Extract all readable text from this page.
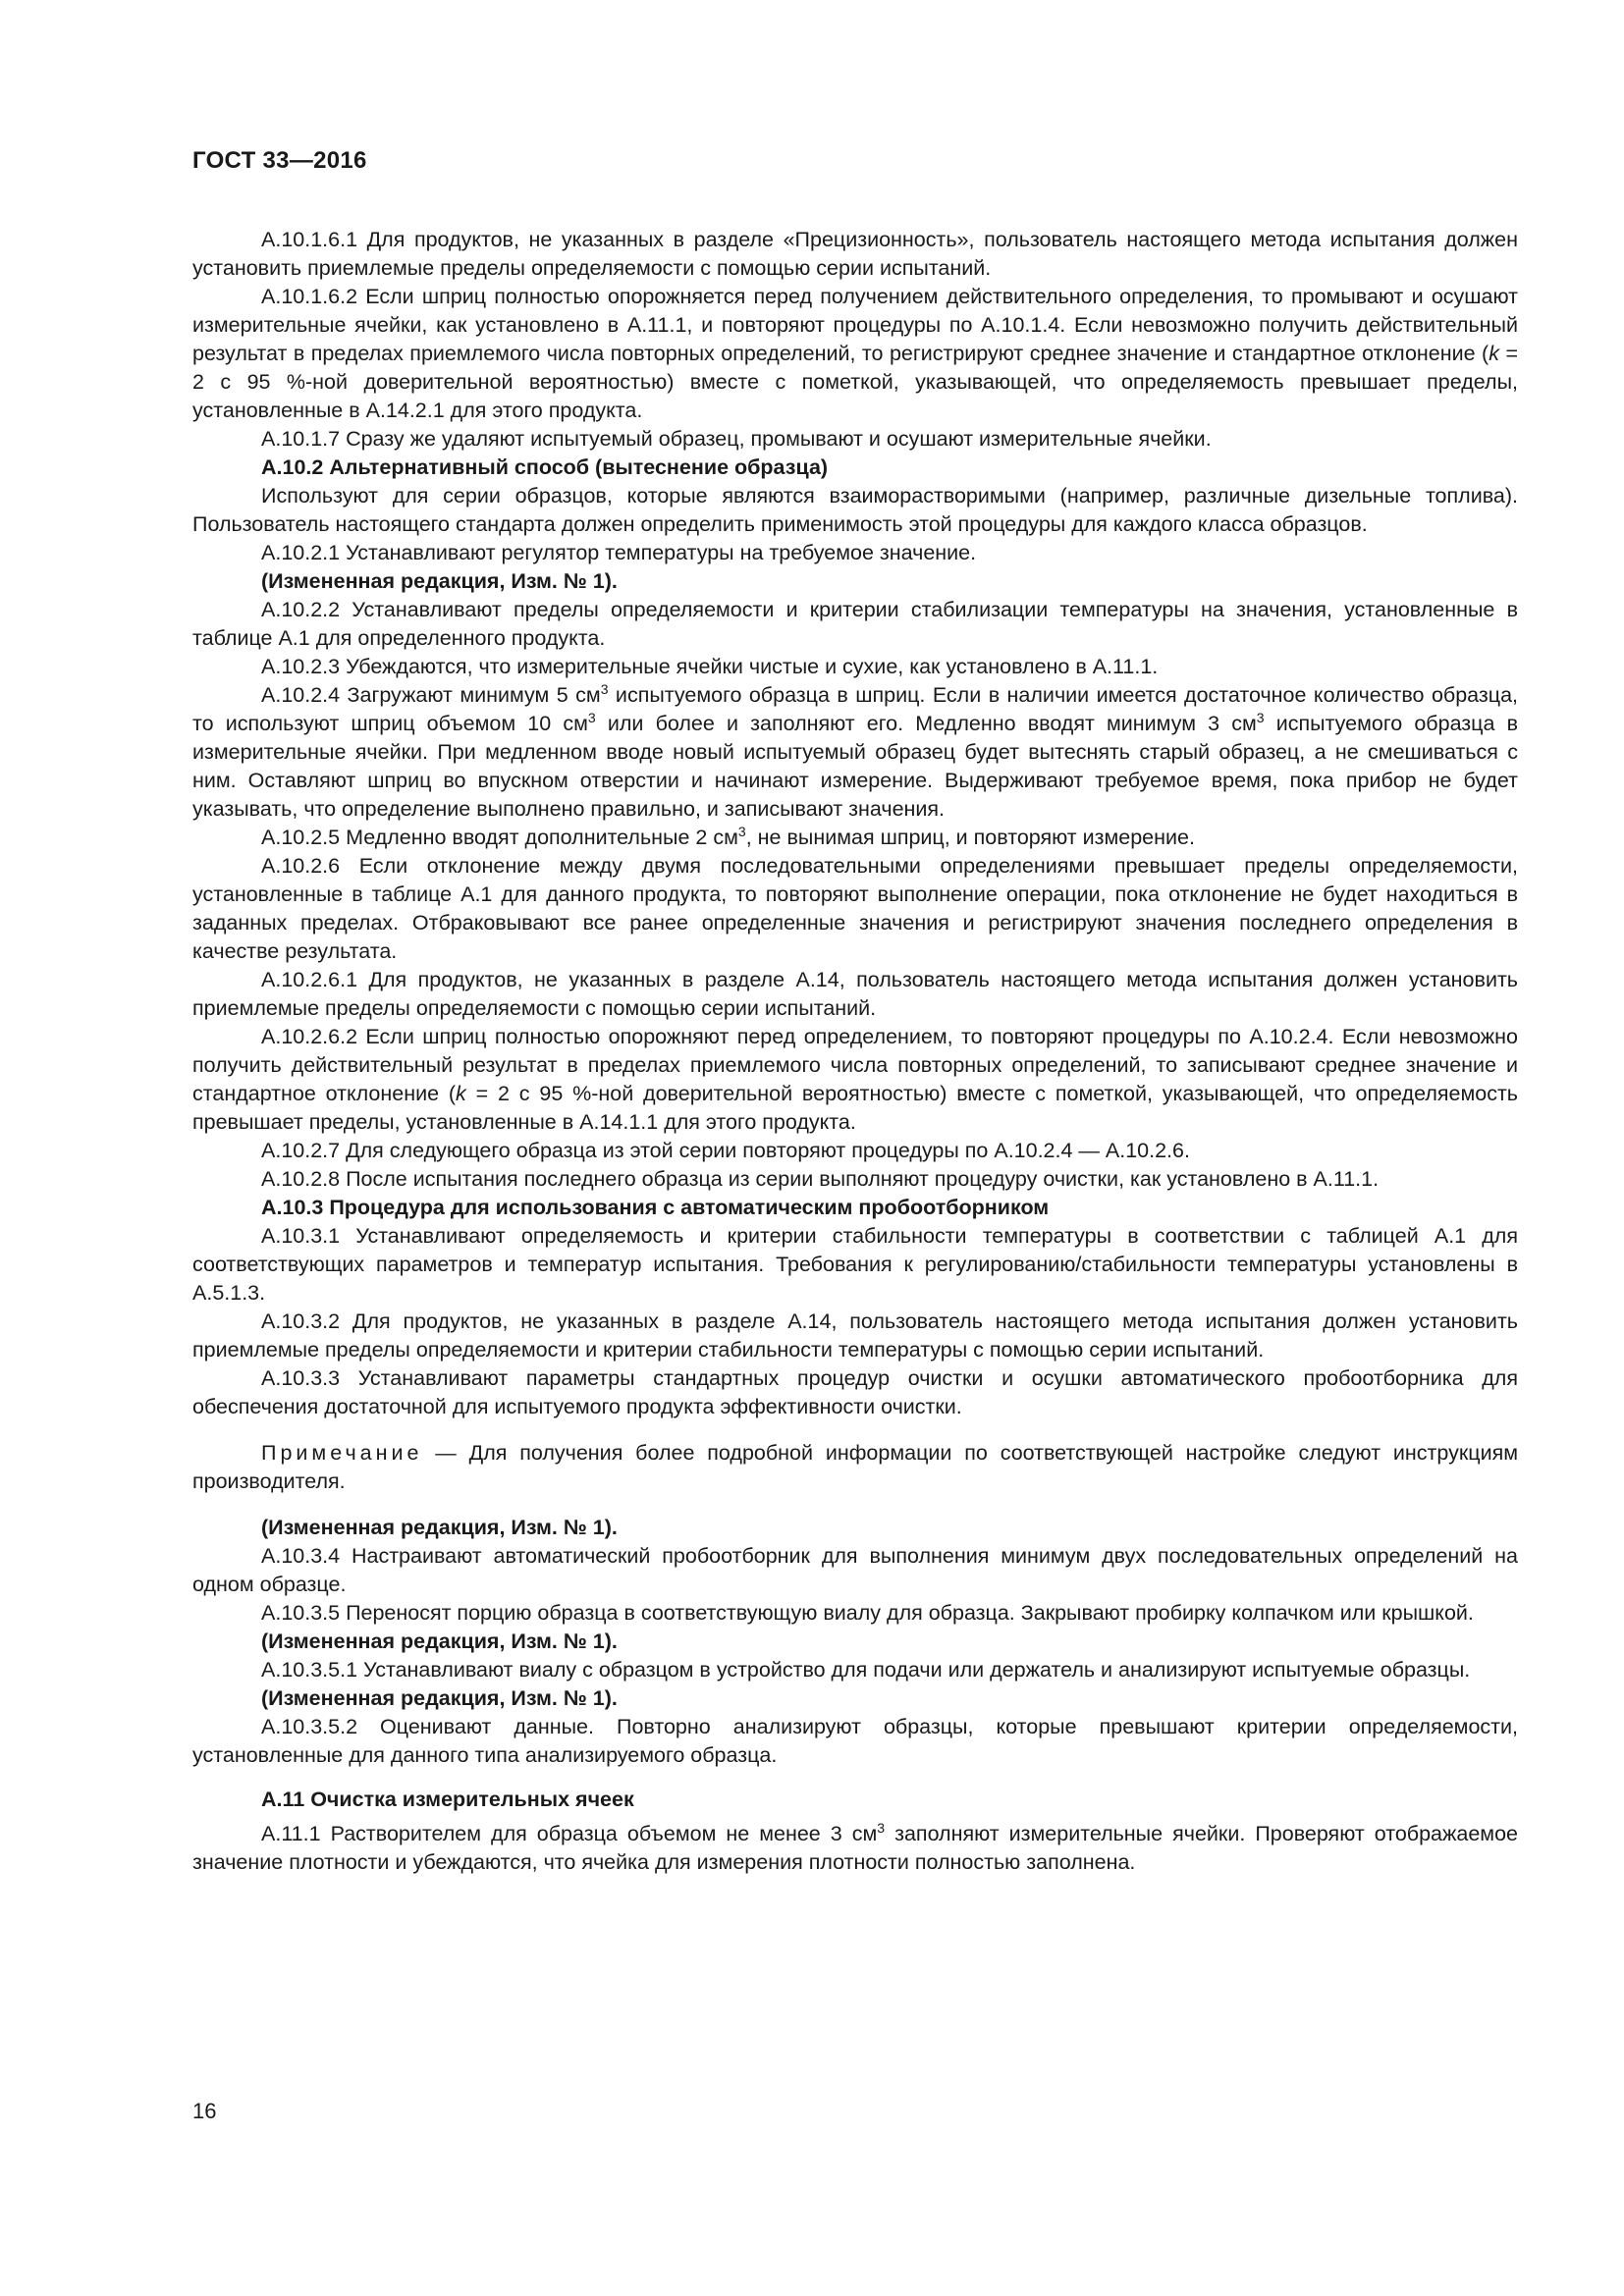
ГОСТ 33—2016

А.10.1.6.1 Для продуктов, не указанных в разделе «Прецизионность», пользователь настоящего метода испытания должен установить приемлемые пределы определяемости с помощью серии испытаний.

А.10.1.6.2 Если шприц полностью опорожняется перед получением действительного определения, то промывают и осушают измерительные ячейки, как установлено в А.11.1, и повторяют процедуры по А.10.1.4. Если невозможно получить действительный результат в пределах приемлемого числа повторных определений, то регистрируют среднее значение и стандартное отклонение (k = 2 с 95 %-ной доверительной вероятностью) вместе с пометкой, указывающей, что определяемость превышает пределы, установленные в А.14.2.1 для этого продукта.

А.10.1.7 Сразу же удаляют испытуемый образец, промывают и осушают измерительные ячейки.

А.10.2 Альтернативный способ (вытеснение образца)

Используют для серии образцов, которые являются взаиморастворимыми (например, различные дизельные топлива). Пользователь настоящего стандарта должен определить применимость этой процедуры для каждого класса образцов.

А.10.2.1 Устанавливают регулятор температуры на требуемое значение.

(Измененная редакция, Изм. № 1).

А.10.2.2 Устанавливают пределы определяемости и критерии стабилизации температуры на значения, установленные в таблице А.1 для определенного продукта.

А.10.2.3 Убеждаются, что измерительные ячейки чистые и сухие, как установлено в А.11.1.

А.10.2.4 Загружают минимум 5 $см^3$ испытуемого образца в шприц. Если в наличии имеется достаточное количество образца, то используют шприц объемом 10 $см^3$ или более и заполняют его. Медленно вводят минимум 3 $см^3$ испытуемого образца в измерительные ячейки. При медленном вводе новый испытуемый образец будет вытеснять старый образец, а не смешиваться с ним. Оставляют шприц во впускном отверстии и начинают измерение. Выдерживают требуемое время, пока прибор не будет указывать, что определение выполнено правильно, и записывают значения.

А.10.2.5 Медленно вводят дополнительные 2 $см^3$, не вынимая шприц, и повторяют измерение.

А.10.2.6 Если отклонение между двумя последовательными определениями превышает пределы определяемости, установленные в таблице А.1 для данного продукта, то повторяют выполнение операции, пока отклонение не будет находиться в заданных пределах. Отбраковывают все ранее определенные значения и регистрируют значения последнего определения в качестве результата.

А.10.2.6.1 Для продуктов, не указанных в разделе А.14, пользователь настоящего метода испытания должен установить приемлемые пределы определяемости с помощью серии испытаний.

А.10.2.6.2 Если шприц полностью опорожняют перед определением, то повторяют процедуры по А.10.2.4. Если невозможно получить действительный результат в пределах приемлемого числа повторных определений, то записывают среднее значение и стандартное отклонение (k = 2 с 95 %-ной доверительной вероятностью) вместе с пометкой, указывающей, что определяемость превышает пределы, установленные в А.14.1.1 для этого продукта.

А.10.2.7 Для следующего образца из этой серии повторяют процедуры по А.10.2.4 — А.10.2.6.

А.10.2.8 После испытания последнего образца из серии выполняют процедуру очистки, как установлено в А.11.1.

А.10.3 Процедура для использования с автоматическим пробоотборником

А.10.3.1 Устанавливают определяемость и критерии стабильности температуры в соответствии с таблицей А.1 для соответствующих параметров и температур испытания. Требования к регулированию/стабильности температуры установлены в А.5.1.3.

А.10.3.2 Для продуктов, не указанных в разделе А.14, пользователь настоящего метода испытания должен установить приемлемые пределы определяемости и критерии стабильности температуры с помощью серии испытаний.

А.10.3.3 Устанавливают параметры стандартных процедур очистки и осушки автоматического пробоотборника для обеспечения достаточной для испытуемого продукта эффективности очистки.

Примечание — Для получения более подробной информации по соответствующей настройке следуют инструкциям производителя.

(Измененная редакция, Изм. № 1).

А.10.3.4 Настраивают автоматический пробоотборник для выполнения минимум двух последовательных определений на одном образце.

А.10.3.5 Переносят порцию образца в соответствующую виалу для образца. Закрывают пробирку колпачком или крышкой.

(Измененная редакция, Изм. № 1).

А.10.3.5.1 Устанавливают виалу с образцом в устройство для подачи или держатель и анализируют испытуемые образцы.

(Измененная редакция, Изм. № 1).

А.10.3.5.2 Оценивают данные. Повторно анализируют образцы, которые превышают критерии определяемости, установленные для данного типа анализируемого образца.

А.11 Очистка измерительных ячеек

А.11.1 Растворителем для образца объемом не менее 3 $см^3$ заполняют измерительные ячейки. Проверяют отображаемое значение плотности и убеждаются, что ячейка для измерения плотности полностью заполнена.

16
